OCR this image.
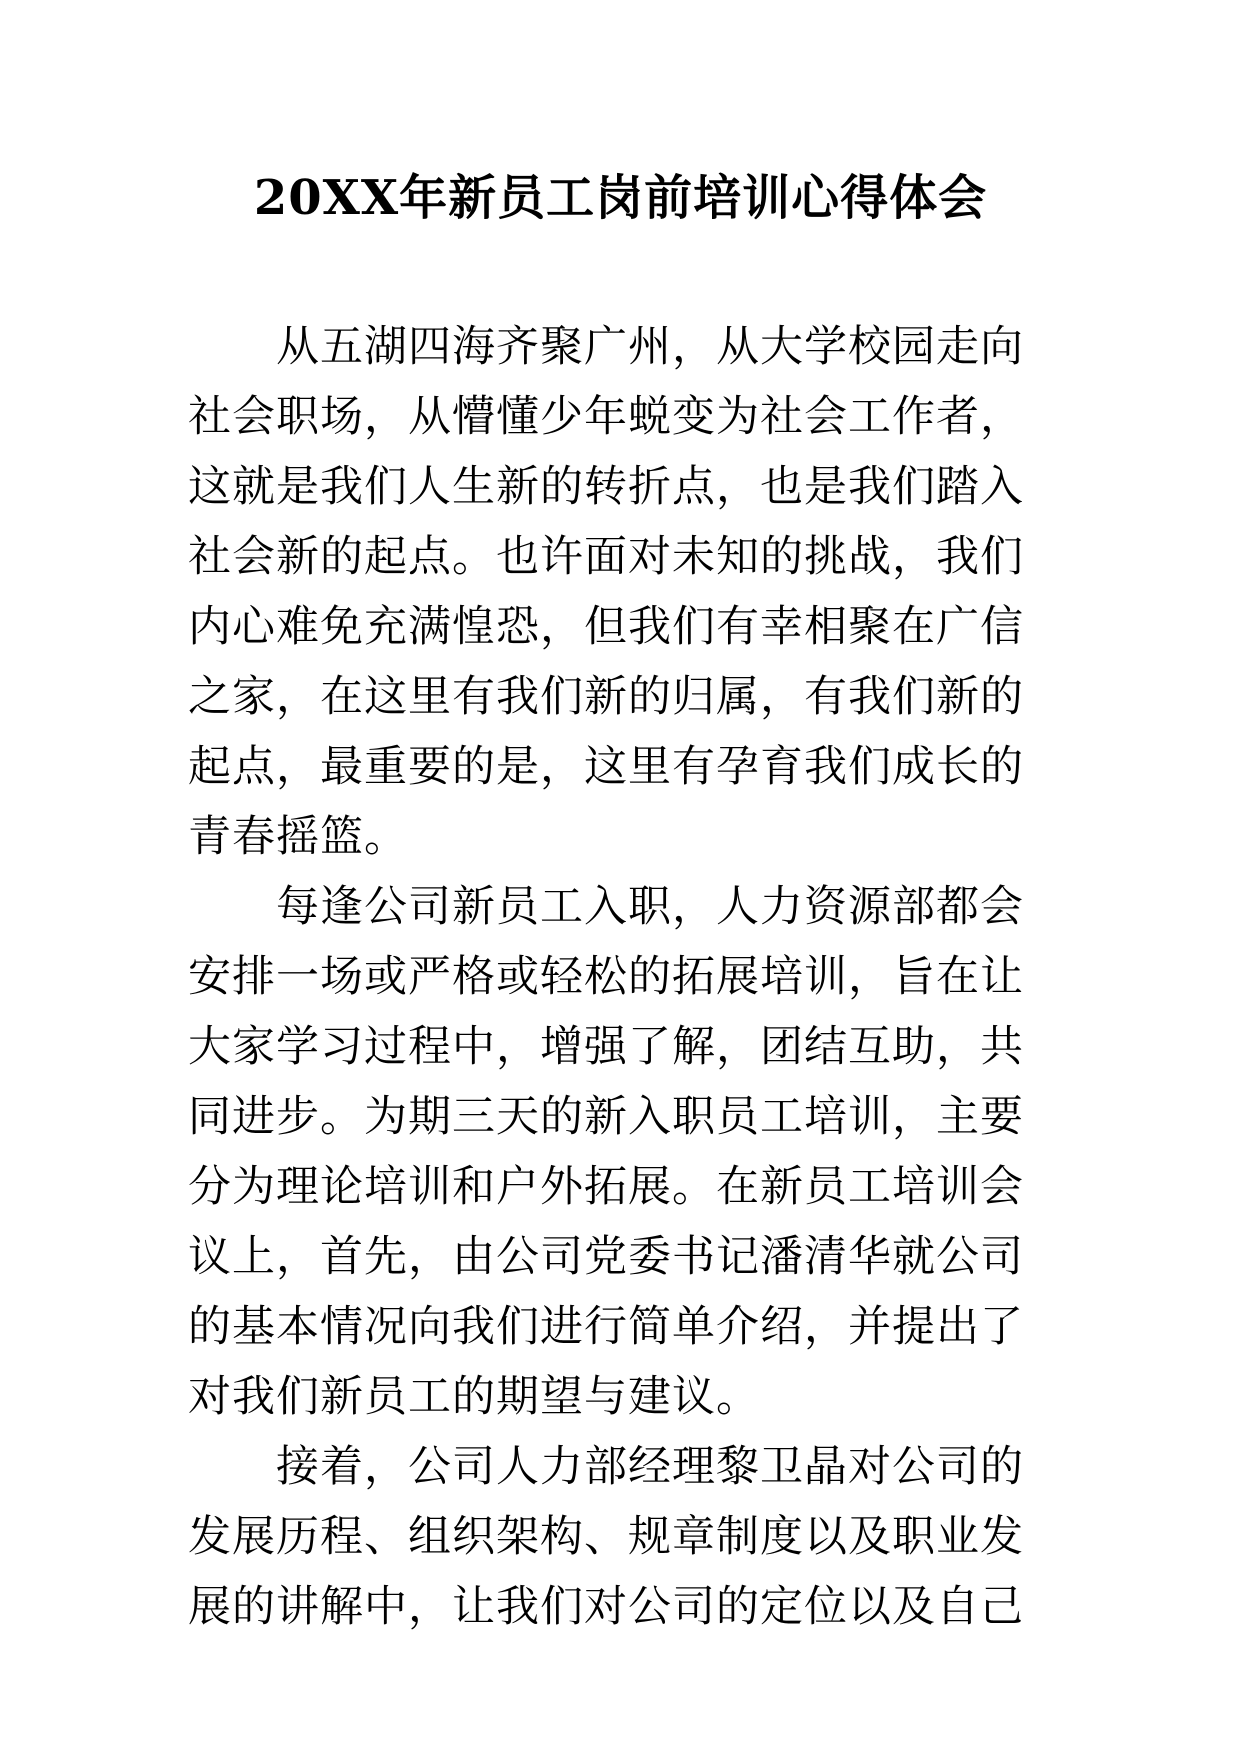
20XX年新员工岗前培训心得体会
　　从五湖四海齐聚广州，从大学校园走向
社会职场，从懵懂少年蜕变为社会工作者，
这就是我们人生新的转折点，也是我们踏入
社会新的起点。也许面对未知的挑战，我们
内心难免充满惶恐，但我们有幸相聚在广信
之家，在这里有我们新的归属，有我们新的
起点，最重要的是，这里有孕育我们成长的
青春摇篮。
　　每逢公司新员工入职，人力资源部都会
安排一场或严格或轻松的拓展培训，旨在让
大家学习过程中，增强了解，团结互助，共
同进步。为期三天的新入职员工培训，主要
分为理论培训和户外拓展。在新员工培训会
议上，首先，由公司党委书记潘清华就公司
的基本情况向我们进行简单介绍，并提出了
对我们新员工的期望与建议。
　　接着，公司人力部经理黎卫晶对公司的
发展历程、组织架构、规章制度以及职业发
展的讲解中，让我们对公司的定位以及自己
